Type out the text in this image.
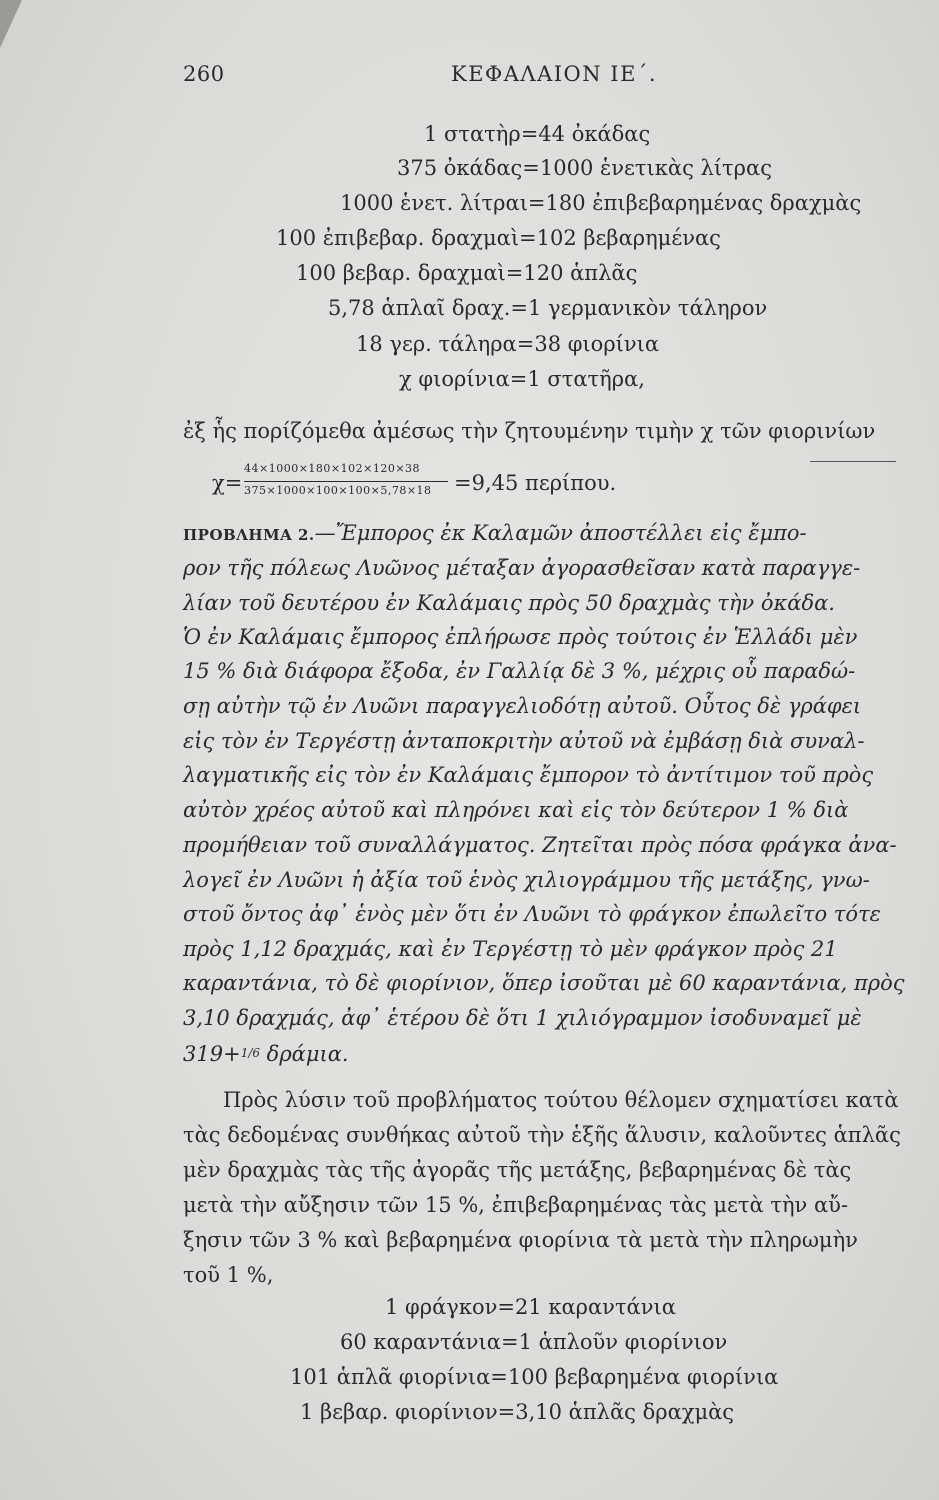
260	ΚΕΦΑΛΑΙΟΝ ΙΕ΄.
1 στατὴρ=44 ὀκάδας
375 ὀκάδας=1000 ἑνετικὰς λίτρας
1000 ἑνετ. λίτραι=180 ἐπιβεβαρημένας δραχμὰς
100 ἐπιβεβαρ. δραχμαὶ=102 βεβαρημένας
100 βεβαρ. δραχμαὶ=120 ἁπλᾶς
5,78 ἁπλαῖ δραχ.=1 γερμανικὸν τάληρον
18 γερ. τάληρα=38 φιορίνια
χ φιορίνια=1 στατῆρα,
ἐξ ἧς πορίζόμεθα ἀμέσως τὴν ζητουμένην τιμὴν χ τῶν φιορινίων
χ=
44×1000×180×102×120×38
375×1000×100×100×5,78×18 =9,45 περίπου.
ΠΡΟΒΛΗΜΑ 2.—Ἔμπορος ἐκ Καλαμῶν ἀποστέλλει εἰς ἔμπο-
ρον τῆς πόλεως Λυῶνος μέταξαν ἀγορασθεῖσαν κατὰ παραγγε-
λίαν τοῦ δευτέρου ἐν Καλάμαις πρὸς 50 δραχμὰς τὴν ὀκάδα.
Ὁ ἐν Καλάμαις ἔμπορος ἐπλήρωσε πρὸς τούτοις ἐν Ἑλλάδι μὲν
15 % διὰ διάφορα ἔξοδα, ἐν Γαλλίᾳ δὲ 3 %, μέχρις οὗ παραδώ-
σῃ αὐτὴν τῷ ἐν Λυῶνι παραγγελιοδότῃ αὐτοῦ. Οὗτος δὲ γράφει
εἰς τὸν ἐν Τεργέστῃ ἀνταποκριτὴν αὐτοῦ νὰ ἐμβάσῃ διὰ συναλ-
λαγματικῆς εἰς τὸν ἐν Καλάμαις ἔμπορον τὸ ἀντίτιμον τοῦ πρὸς
αὐτὸν χρέος αὐτοῦ καὶ πληρόνει καὶ εἰς τὸν δεύτερον 1 % διὰ
προμήθειαν τοῦ συναλλάγματος. Ζητεῖται πρὸς πόσα φράγκα ἀνα-
λογεῖ ἐν Λυῶνι ἡ ἀξία τοῦ ἑνὸς χιλιογράμμου τῆς μετάξης, γνω-
στοῦ ὄντος ἀφ᾽ ἑνὸς μὲν ὅτι ἐν Λυῶνι τὸ φράγκον ἐπωλεῖτο τότε
πρὸς 1,12 δραχμάς, καὶ ἐν Τεργέστῃ τὸ μὲν φράγκον πρὸς 21
καραντάνια, τὸ δὲ φιορίνιον, ὅπερ ἰσοῦται μὲ 60 καραντάνια, πρὸς
3,10 δραχμάς, ἀφ᾽ ἑτέρου δὲ ὅτι 1 χιλιόγραμμον ἰσοδυναμεῖ μὲ
319+1/6 δράμια.
Πρὸς λύσιν τοῦ προβλήματος τούτου θέλομεν σχηματίσει κατὰ
τὰς δεδομένας συνθήκας αὐτοῦ τὴν ἑξῆς ἅλυσιν, καλοῦντες ἁπλᾶς
μὲν δραχμὰς τὰς τῆς ἀγορᾶς τῆς μετάξης, βεβαρημένας δὲ τὰς
μετὰ τὴν αὔξησιν τῶν 15 %, ἐπιβεβαρημένας τὰς μετὰ τὴν αὔ-
ξησιν τῶν 3 % καὶ βεβαρημένα φιορίνια τὰ μετὰ τὴν πληρωμὴν
τοῦ 1 %,
1 φράγκον=21 καραντάνια
60 καραντάνια=1 ἁπλοῦν φιορίνιον
101 ἁπλᾶ φιορίνια=100 βεβαρημένα φιορίνια
1 βεβαρ. φιορίνιον=3,10 ἁπλᾶς δραχμὰς
